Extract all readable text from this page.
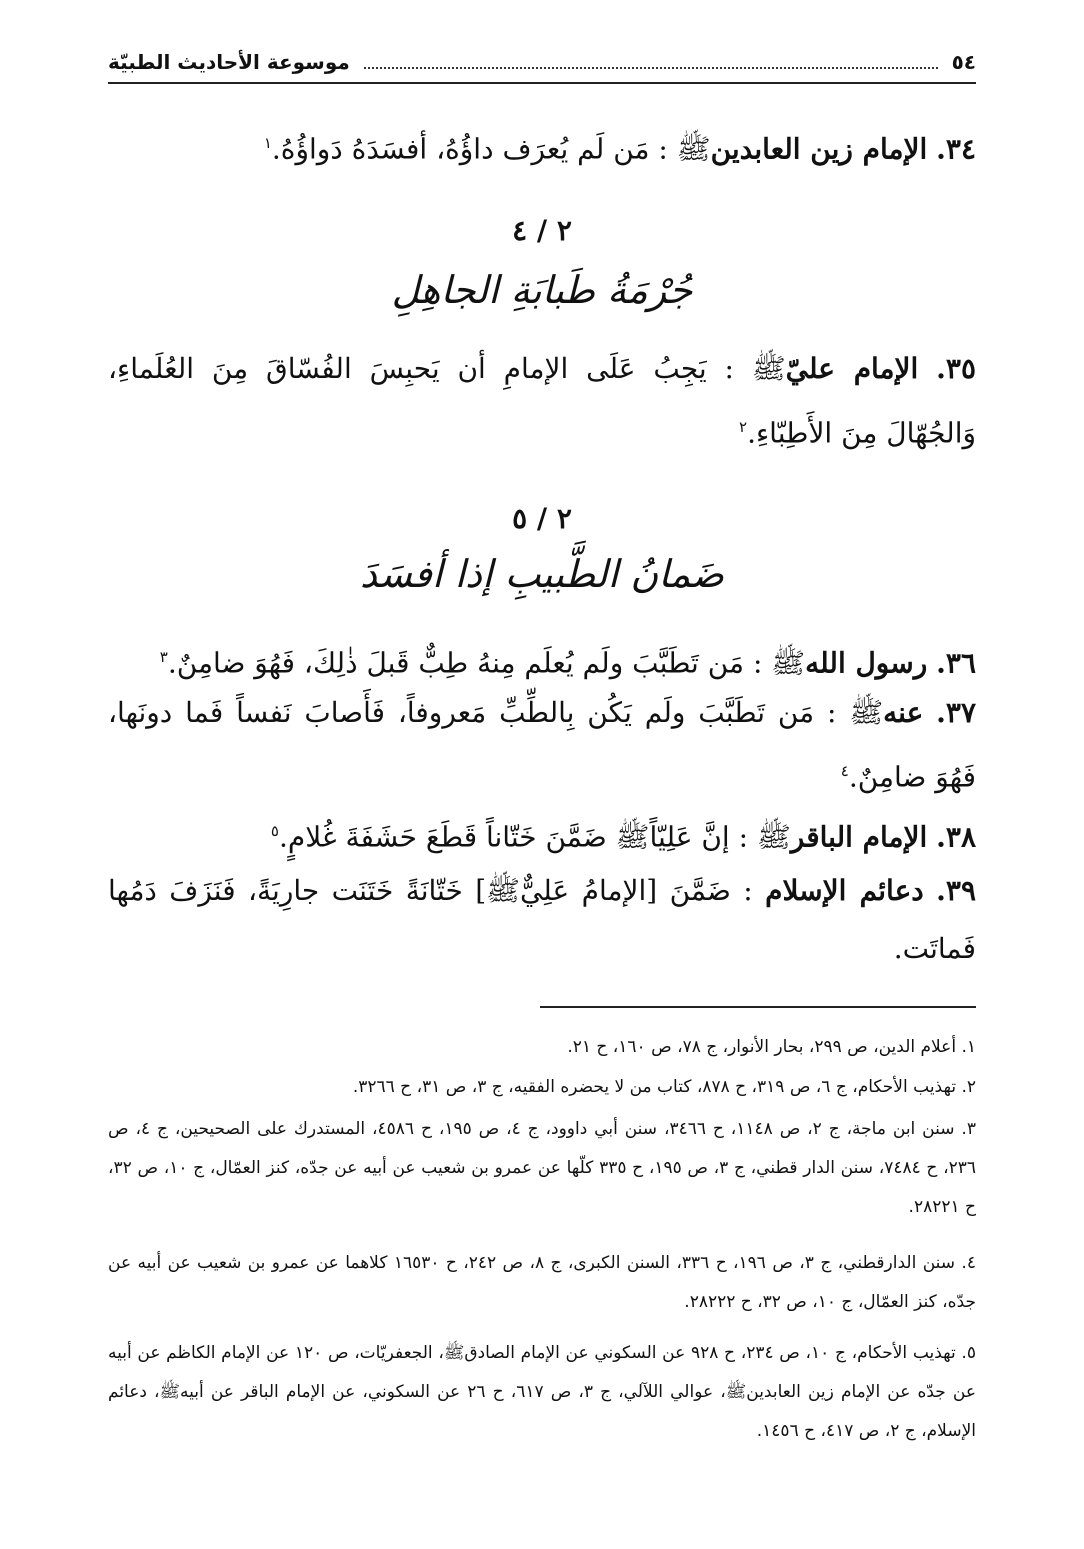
٥٤
موسوعة الأحاديث الطبيّة
٣٤. الإمام زين العابدينﷺ : مَن لَم يُعرَف داؤُهُ، أفسَدَهُ دَواؤُهُ.$^١$
٢ / ٤
جُرْمَةُ طَبابَةِ الجاهِلِ
٣٥. الإمام عليّﷺ : يَجِبُ عَلَى الإمامِ أن يَحبِسَ الفُسّاقَ مِنَ العُلَماءِ، وَالجُهّالَ مِنَ الأَطِبّاءِ.$^٢$
٢ / ٥
ضَمانُ الطَّبيبِ إذا أفسَدَ
٣٦. رسول اللهﷺ : مَن تَطَبَّبَ ولَم يُعلَم مِنهُ طِبٌّ قَبلَ ذٰلِكَ، فَهُوَ ضامِنٌ.$^٣$
٣٧. عنهﷺ : مَن تَطَبَّبَ ولَم يَكُن بِالطِّبِّ مَعروفاً، فَأَصابَ نَفساً فَما دونَها، فَهُوَ ضامِنٌ.$^٤$
٣٨. الإمام الباقرﷺ : إنَّ عَلِيّاًﷺ ضَمَّنَ خَتّاناً قَطَعَ حَشَفَةَ غُلامٍ.$^٥$
٣٩. دعائم الإسلام : ضَمَّنَ [الإمامُ عَلِيٌّﷺ] خَتّانَةً خَتَنَت جارِيَةً، فَنَزَفَ دَمُها فَماتَت.
١. أعلام الدين، ص ٢٩٩، بحار الأنوار، ج ٧٨، ص ١٦٠، ح ٢١.
٢. تهذيب الأحكام، ج ٦، ص ٣١٩، ح ٨٧٨، كتاب من لا يحضره الفقيه، ج ٣، ص ٣١، ح ٣٢٦٦.
٣. سنن ابن ماجة، ج ٢، ص ١١٤٨، ح ٣٤٦٦، سنن أبي داوود، ج ٤، ص ١٩٥، ح ٤٥٨٦، المستدرك على الصحيحين، ج ٤، ص ٢٣٦، ح ٧٤٨٤، سنن الدار قطني، ج ٣، ص ١٩٥، ح ٣٣٥ كلّها عن عمرو بن شعيب عن أبيه عن جدّه، كنز العمّال، ج ١٠، ص ٣٢، ح ٢٨٢٢١.
٤. سنن الدارقطني، ج ٣، ص ١٩٦، ح ٣٣٦، السنن الكبرى، ج ٨، ص ٢٤٢، ح ١٦٥٣٠ كلاهما عن عمرو بن شعيب عن أبيه عن جدّه، كنز العمّال، ج ١٠، ص ٣٢، ح ٢٨٢٢٢.
٥. تهذيب الأحكام، ج ١٠، ص ٢٣٤، ح ٩٢٨ عن السكوني عن الإمام الصادقﷺ، الجعفريّات، ص ١٢٠ عن الإمام الكاظم عن أبيه عن جدّه عن الإمام زين العابدينﷺ، عوالي اللآلي، ج ٣، ص ٦١٧، ح ٢٦ عن السكوني، عن الإمام الباقر عن أبيهﷺ، دعائم الإسلام، ج ٢، ص ٤١٧، ح ١٤٥٦.
